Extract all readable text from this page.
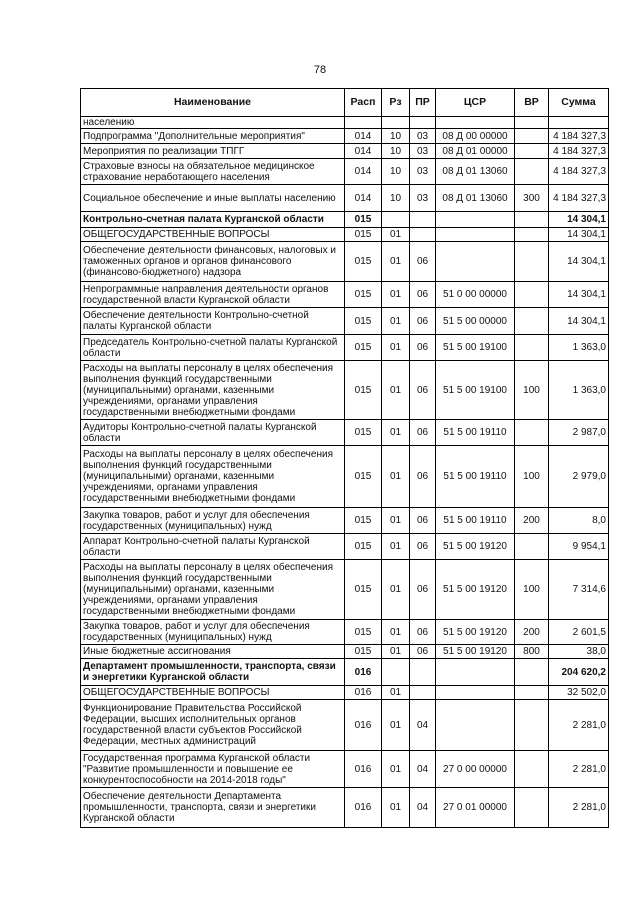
78
Наименование	Расп	Рз	ПР	ЦСР	ВР	Сумма
населению						
Подпрограмма "Дополнительные мероприятия"	014	10	03	08 Д 00 00000		4 184 327,3
Мероприятия по реализации ТПГГ	014	10	03	08 Д 01 00000		4 184 327,3
Страховые взносы на обязательное медицинское страхование неработающего населения	014	10	03	08 Д 01 13060		4 184 327,3
Социальное обеспечение и иные выплаты населению	014	10	03	08 Д 01 13060	300	4 184 327,3
Контрольно-счетная палата Курганской области	015					14 304,1
ОБЩЕГОСУДАРСТВЕННЫЕ ВОПРОСЫ	015	01				14 304,1
Обеспечение деятельности финансовых, налоговых и таможенных органов и органов финансового (финансово-бюджетного) надзора	015	01	06			14 304,1
Непрограммные направления деятельности органов государственной власти Курганской области	015	01	06	51 0 00 00000		14 304,1
Обеспечение деятельности Контрольно-счетной палаты Курганской области	015	01	06	51 5 00 00000		14 304,1
Председатель Контрольно-счетной палаты Курганской области	015	01	06	51 5 00 19100		1 363,0
Расходы на выплаты персоналу в целях обеспечения выполнения функций государственными (муниципальными) органами, казенными учреждениями, органами управления государственными внебюджетными фондами	015	01	06	51 5 00 19100	100	1 363,0
Аудиторы Контрольно-счетной палаты Курганской области	015	01	06	51 5 00 19110		2 987,0
Расходы на выплаты персоналу в целях обеспечения выполнения функций государственными (муниципальными) органами, казенными учреждениями, органами управления государственными внебюджетными фондами	015	01	06	51 5 00 19110	100	2 979,0
Закупка товаров, работ и услуг для обеспечения государственных (муниципальных) нужд	015	01	06	51 5 00 19110	200	8,0
Аппарат Контрольно-счетной палаты Курганской области	015	01	06	51 5 00 19120		9 954,1
Расходы на выплаты персоналу в целях обеспечения выполнения функций государственными (муниципальными) органами, казенными учреждениями, органами управления государственными внебюджетными фондами	015	01	06	51 5 00 19120	100	7 314,6
Закупка товаров, работ и услуг для обеспечения государственных (муниципальных) нужд	015	01	06	51 5 00 19120	200	2 601,5
Иные бюджетные ассигнования	015	01	06	51 5 00 19120	800	38,0
Департамент промышленности, транспорта, связи и энергетики Курганской области	016					204 620,2
ОБЩЕГОСУДАРСТВЕННЫЕ ВОПРОСЫ	016	01				32 502,0
Функционирование Правительства Российской Федерации, высших исполнительных органов государственной власти субъектов Российской Федерации, местных администраций	016	01	04			2 281,0
Государственная программа Курганской области "Развитие промышленности и повышение ее конкурентоспособности на 2014-2018 годы"	016	01	04	27 0 00 00000		2 281,0
Обеспечение деятельности Департамента промышленности, транспорта, связи и энергетики Курганской области	016	01	04	27 0 01 00000		2 281,0
